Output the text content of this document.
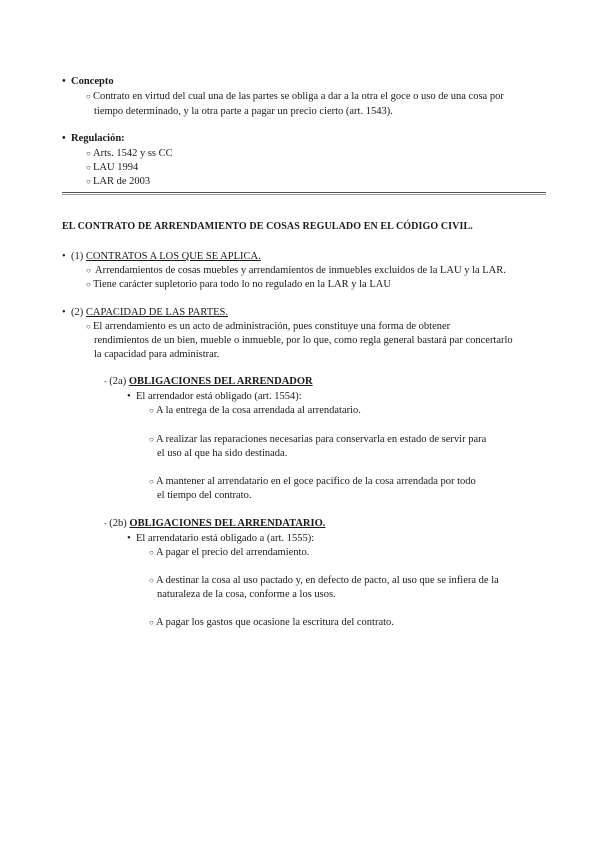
• Concepto
○ Contrato en virtud del cual una de las partes se obliga a dar a la otra el goce o uso de una cosa por
tiempo determinado, y la otra parte a pagar un precio cierto (art. 1543).
• Regulación:
○ Arts. 1542 y ss CC
○ LAU 1994
○ LAR de 2003
EL CONTRATO DE ARRENDAMIENTO DE COSAS REGULADO EN EL CÓDIGO CIVIL.
• (1) CONTRATOS A LOS QUE SE APLICA.
○ Arrendamientos de cosas muebles y arrendamientos de inmuebles excluidos de la LAU y la LAR.
○ Tiene carácter supletorio para todo lo no regulado en la LAR y la LAU
• (2) CAPACIDAD DE LAS PARTES.
○ El arrendamiento es un acto de administración, pues constituye una forma de obtener
rendimientos de un bien, mueble o inmueble, por lo que, como regla general bastará par concertarlo
la capacidad para administrar.
- (2a) OBLIGACIONES DEL ARRENDADOR
• El arrendador está obligado (art. 1554):
○ A la entrega de la cosa arrendada al arrendatario.
○ A realizar las reparaciones necesarias para conservarla en estado de servir para
el uso al que ha sido destinada.
○ A mantener al arrendatario en el goce pacífico de la cosa arrendada por todo
el tiempo del contrato.
- (2b) OBLIGACIONES DEL ARRENDATARIO.
• El arrendatario está obligado a (art. 1555):
○ A pagar el precio del arrendamiento.
○ A destinar la cosa al uso pactado y, en defecto de pacto, al uso que se infiera de la
naturaleza de la cosa, conforme a los usos.
○ A pagar los gastos que ocasione la escritura del contrato.
